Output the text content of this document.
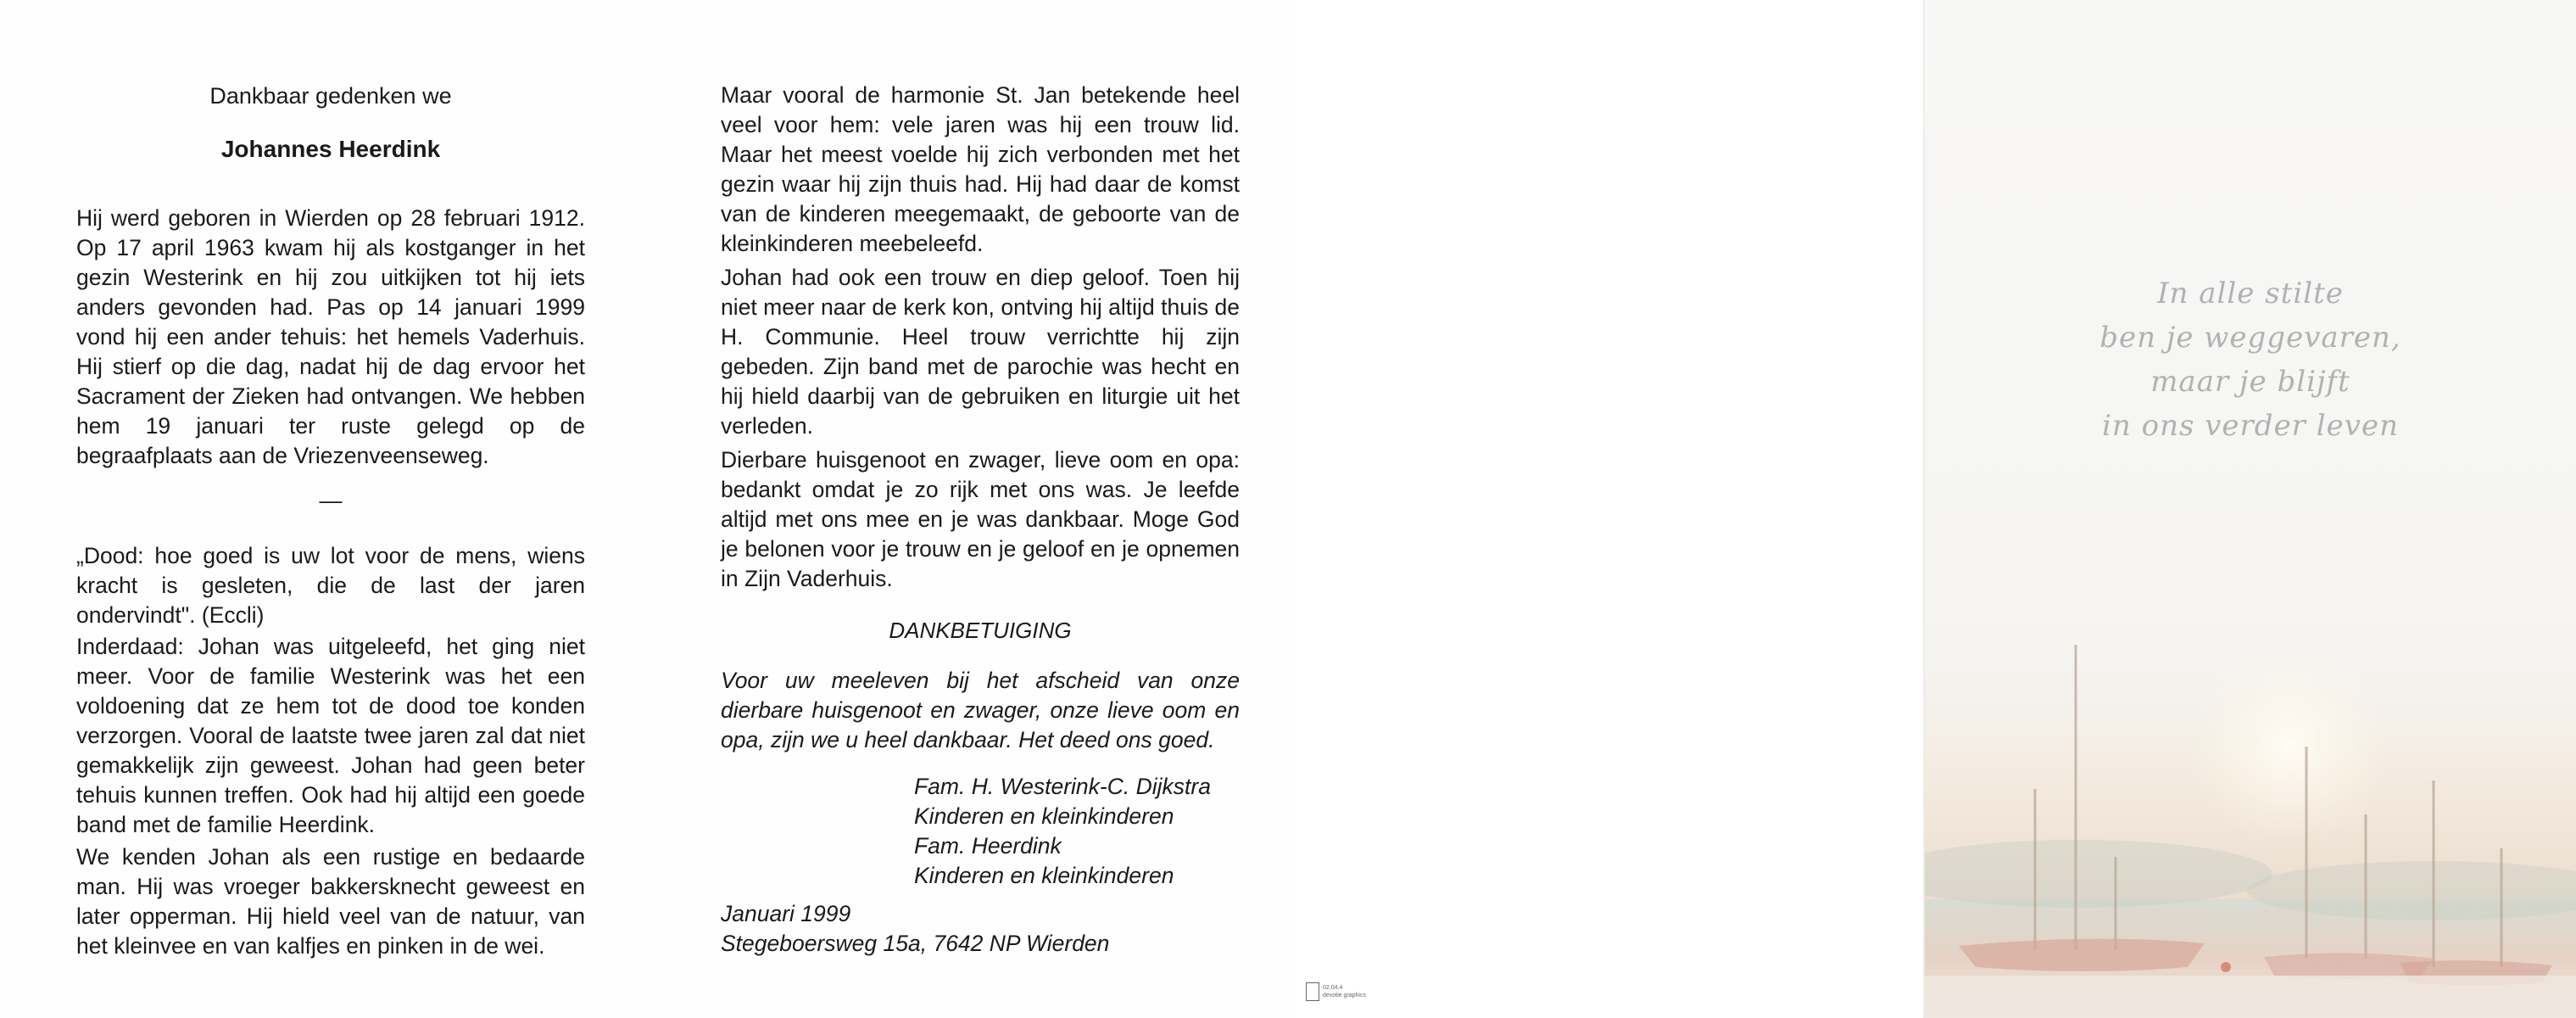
Dankbaar gedenken we
Johannes Heerdink
Hij werd geboren in Wierden op 28 februari 1912. Op 17 april 1963 kwam hij als kostganger in het gezin Westerink en hij zou uitkijken tot hij iets anders gevonden had. Pas op 14 januari 1999 vond hij een ander tehuis: het hemels Vaderhuis. Hij stierf op die dag, nadat hij de dag ervoor het Sacrament der Zieken had ontvangen. We hebben hem 19 januari ter ruste gelegd op de begraafplaats aan de Vriezenveenseweg.
—
„Dood: hoe goed is uw lot voor de mens, wiens kracht is gesleten, die de last der jaren ondervindt". (Eccli)
Inderdaad: Johan was uitgeleefd, het ging niet meer. Voor de familie Westerink was het een voldoening dat ze hem tot de dood toe konden verzorgen. Vooral de laatste twee jaren zal dat niet gemakkelijk zijn geweest. Johan had geen beter tehuis kunnen treffen. Ook had hij altijd een goede band met de familie Heerdink.
We kenden Johan als een rustige en bedaarde man. Hij was vroeger bakkersknecht geweest en later opperman. Hij hield veel van de natuur, van het kleinvee en van kalfjes en pinken in de wei.
Maar vooral de harmonie St. Jan betekende heel veel voor hem: vele jaren was hij een trouw lid. Maar het meest voelde hij zich verbonden met het gezin waar hij zijn thuis had. Hij had daar de komst van de kinderen meegemaakt, de geboorte van de kleinkinderen meebeleefd.
Johan had ook een trouw en diep geloof. Toen hij niet meer naar de kerk kon, ontving hij altijd thuis de H. Communie. Heel trouw verrichtte hij zijn gebeden. Zijn band met de parochie was hecht en hij hield daarbij van de gebruiken en liturgie uit het verleden.
Dierbare huisgenoot en zwager, lieve oom en opa: bedankt omdat je zo rijk met ons was. Je leefde altijd met ons mee en je was dankbaar. Moge God je belonen voor je trouw en je geloof en je opnemen in Zijn Vaderhuis.
DANKBETUIGING
Voor uw meeleven bij het afscheid van onze dierbare huisgenoot en zwager, onze lieve oom en opa, zijn we u heel dankbaar. Het deed ons goed.
Fam. H. Westerink-C. Dijkstra
Kinderen en kleinkinderen
Fam. Heerdink
Kinderen en kleinkinderen
Januari 1999
Stegeboersweg 15a, 7642 NP Wierden
02.04.4
devotie graphics
In alle stilte
ben je weggevaren,
maar je blijft
in ons verder leven
